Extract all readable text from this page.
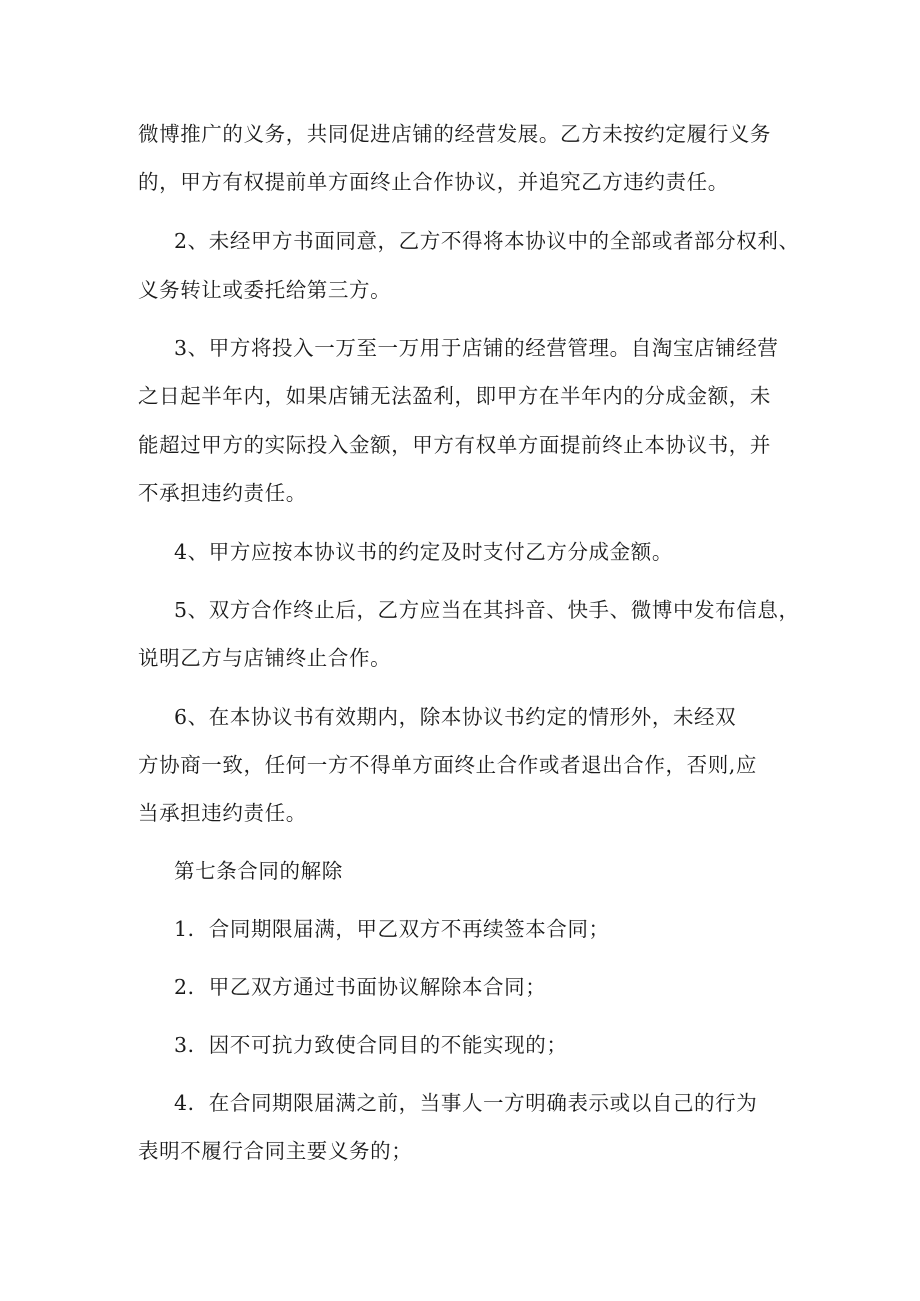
微博推广的义务，共同促进店铺的经营发展。乙方未按约定履行义务
的，甲方有权提前单方面终止合作协议，并追究乙方违约责任。
2、未经甲方书面同意，乙方不得将本协议中的全部或者部分权利、
义务转让或委托给第三方。
3、甲方将投入一万至一万用于店铺的经营管理。自淘宝店铺经营
之日起半年内，如果店铺无法盈利，即甲方在半年内的分成金额，未
能超过甲方的实际投入金额，甲方有权单方面提前终止本协议书，并
不承担违约责任。
4、甲方应按本协议书的约定及时支付乙方分成金额。
5、双方合作终止后，乙方应当在其抖音、快手、微博中发布信息，
说明乙方与店铺终止合作。
6、在本协议书有效期内，除本协议书约定的情形外，未经双
方协商一致，任何一方不得单方面终止合作或者退出合作，否则,应
当承担违约责任。
第七条合同的解除
1．合同期限届满，甲乙双方不再续签本合同；
2．甲乙双方通过书面协议解除本合同；
3．因不可抗力致使合同目的不能实现的；
4．在合同期限届满之前，当事人一方明确表示或以自己的行为
表明不履行合同主要义务的；
